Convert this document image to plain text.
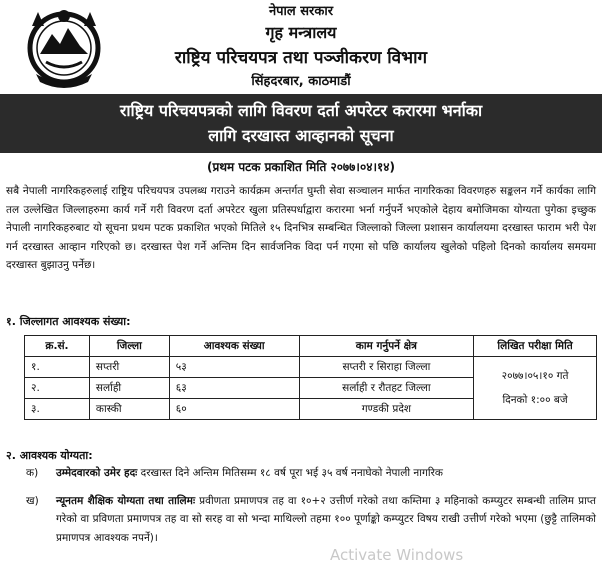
नेपाल सरकार
गृह मन्त्रालय
राष्ट्रिय परिचयपत्र तथा पञ्जीकरण विभाग
सिंहदरबार, काठमाडौं
राष्ट्रिय परिचयपत्रको लागि विवरण दर्ता अपरेटर करारमा भर्नाका
लागि दरखास्त आव्हानको सूचना
(प्रथम पटक प्रकाशित मिति २०७७।०४।१४)
सबै नेपाली नागरिकहरुलाई राष्ट्रिय परिचयपत्र उपलब्ध गराउने कार्यक्रम अन्तर्गत घुम्ती सेवा सञ्चालन मार्फत नागरिकका विवरणहरु सङ्कलन गर्ने कार्यका लागि तल उल्लेखित जिल्लाहरुमा कार्य गर्ने गरी विवरण दर्ता अपरेटर खुला प्रतिस्पर्धाद्वारा करारमा भर्ना गर्नुपर्ने भएकोले देहाय बमोजिमका योग्यता पुगेका इच्छुक नेपाली नागरिकहरुबाट यो सूचना प्रथम पटक प्रकाशित भएको मितिले १५ दिनभित्र सम्बन्धित जिल्लाको जिल्ला प्रशासन कार्यालयमा दरखास्त फाराम भरी पेश गर्न दरखास्त आव्हान गरिएको छ। दरखास्त पेश गर्ने अन्तिम दिन सार्वजनिक विदा पर्न गएमा सो पछि कार्यालय खुलेको पहिलो दिनको कार्यालय समयमा दरखास्त बुझाउनु पर्नेछ।
१. जिल्लागत आवश्यक संख्या:
क्र.सं.	जिल्ला	आवश्यक संख्या	काम गर्नुपर्ने क्षेत्र	लिखित परीक्षा मिति
१.	सप्तरी	५३	सप्तरी र सिराहा जिल्ला	२०७७।०५।१० गते
दिनको १:०० बजे

२.	सर्लाही	६३	सर्लाही र रौतहट जिल्ला	
३.	कास्की	६०	गण्डकी प्रदेश	
२. आवश्यक योग्यता:
क) उम्मेदवारको उमेर हदः दरखास्त दिने अन्तिम मितिसम्म १८ वर्ष पूरा भई ३५ वर्ष ननाघेको नेपाली नागरिक
ख) न्यूनतम शैक्षिक योग्यता तथा तालिमः प्रवीणता प्रमाणपत्र तह वा १०+२ उत्तीर्ण गरेको तथा कम्तिमा ३ महिनाको कम्प्युटर सम्बन्धी तालिम प्राप्त गरेको वा प्रविणता प्रमाणपत्र तह वा सो सरह वा सो भन्दा माथिल्लो तहमा १०० पूर्णाङ्को कम्प्युटर विषय राखी उत्तीर्ण गरेको भएमा (छुट्टै तालिमको प्रमाणपत्र आवश्यक नपर्ने)।
Activate Windows
